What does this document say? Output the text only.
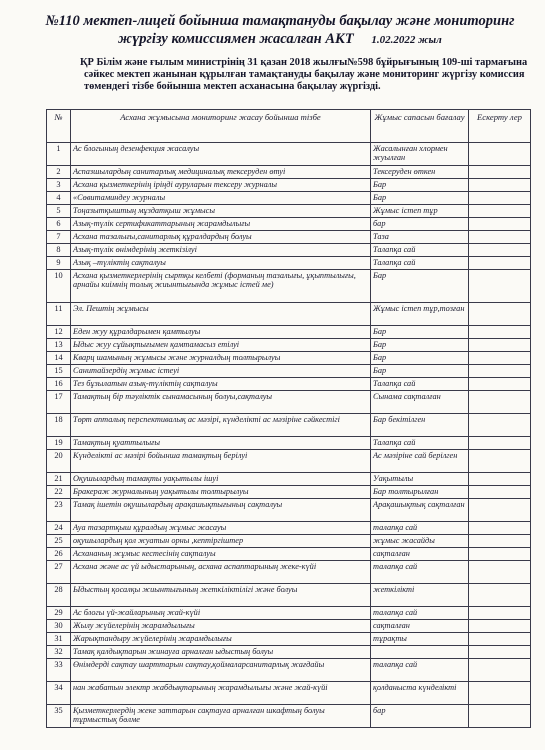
№110 мектеп-лицей бойынша тамақтануды бақылау және мониторинг жүргізу комиссиямен жасалған АКТ 1.02.2022 жыл
ҚР Білім және ғылым министрінің 31 қазан 2018 жылғы№598 бұйрығының 109-ші тармағына сәйкес мектеп жанынан құрылған тамақтануды бақылау және мониторинг жүргізу комиссия төмендегі тізбе бойынша мектеп асханасына бақылау жүргізді.
№	Асхана жұмысына мониторинг жасау бойынша тізбе	Жұмыс сапасын бағалау	Ескерту лер
1	Ас блогының дезенфекция жасалуы	Жасалынған хлормен жуылған	
2	Аспазшылардың санитарлық медициналық тексеруден өтуі	Тексеруден өткен	
3	Асхана қызметкерінің іріңді ауруларын тексеру журналы	Бар	
4	«Сөвитаминдеу журналы	Бар	
5	Тоңазытқыштың мұздатқыш жұмысы	Жұмыс істеп тұр	
6	Азық-түлік сертификаттарының жарамдылығы	бар	
7	Асхана тазалығы,санитарлық құралдардың болуы	Таза	
8	Азық-түлік өнімдерінің жеткізілуі	Талапқа сай	
9	Азық –түліктің сақталуы	Талапқа сай	
10	Асхана қызметкерлерінің сыртқы келбеті (форманың тазалығы, ұқыптылығы, арнайы киімнің толық жиынтығында жұмыс істей ме)	Бар	
11	Эл. Пештің жұмысы	Жұмыс істеп тұр,тозған	
12	Еден жуу құралдарымен қамтылуы	Бар	
13	Ыдыс жуу сұйықтығымен қамтамасыз етілуі	Бар	
14	Кварц шамының жұмысы және журналдың толтырылуы	Бар	
15	Санитайзердің жұмыс істеуі	Бар	
16	Тез бұзылатын азық-түліктің сақталуы	Талапқа сай	
17	Тамақтың бір тәуліктік сынамасының болуы,сақталуы	Сынама сақталған	
18	Төрт апталық перспективалық ас мәзірі, күнделікті ас мәзіріне сәйкестігі	Бар бекітілген	
19	Тамақтың қуаттылығы	Талапқа сай	
20	Күнделікті ас мәзірі бойынша тамақтың берілуі	Ас мәзіріне сай берілген	
21	Оқушылардың тамақты уақытылы ішуі	Уақытылы	
22	Бракераж журналының уақытылы толтырылуы	Бар толтырылған	
23	Тамақ ішетін оқушылардың арақашықтығының сақталуы	Арақашықтық сақталған	
24	Ауа тазартқыш құралдың жұмыс жасауы	талапқа сай	
25	оқушылардың қол жуатын орны ,кептіргіштер	жұмыс жасайды	
26	Асхананың жұмыс кестесінің сақталуы	сақталған	
27	Асхана және ас үй ыдыстарының, асхана аспаптарының жеке-күйі	талапқа сай	
28	Ыдыстың қосалқы жиынтығының жеткіліктілігі және болуы	жеткілікті	
29	Ас блогы үй-жайларының жай-күйі	талапқа сай	
30	Жылу жүйелерінің жарамдылығы	сақталған	
31	Жарықтандыру жүйелерінің жарамдылығы	тұрақты	
32	Тамақ қалдықтарын жинауға арналған ыдыстың болуы		
33	Өнімдерді сақтау шарттарын сақтау,қоймаларсанитарлық жағдайы	талапқа сай	
34	нан жабатын электр жабдықтарының жарамдылығы және жай-күйі	қолданыста күнделікті	
35	Қызметкерлердің жеке заттарын сақтауға арналған шкафтың болуы тұрмыстық бөлме	бар	
